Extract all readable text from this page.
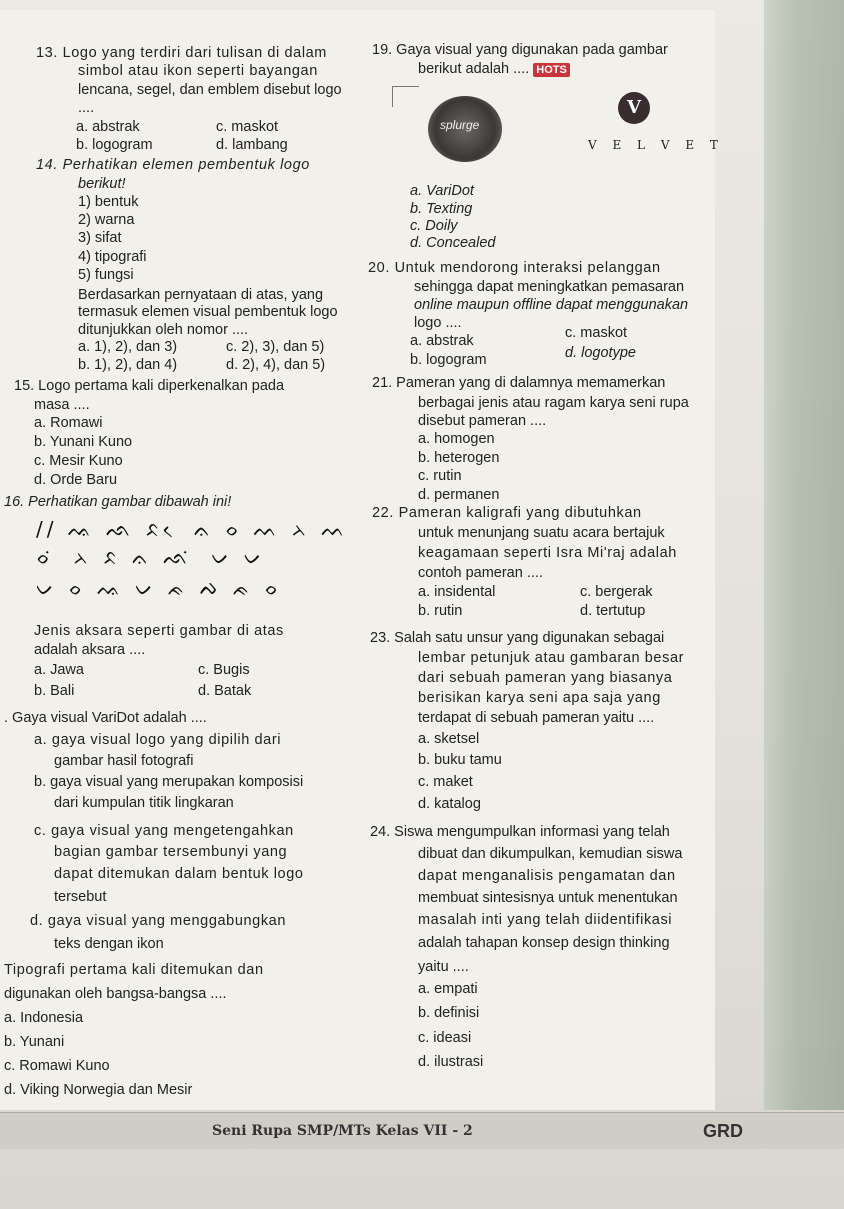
13. Logo yang terdiri dari tulisan di dalam
simbol atau ikon seperti bayangan
lencana, segel, dan emblem disebut logo
....
a. abstrak	c. maskot
b. logogram	d. lambang
14. Perhatikan elemen pembentuk logo
berikut!
1) bentuk
2) warna
3) sifat
4) tipografi
5) fungsi
Berdasarkan pernyataan di atas, yang
termasuk elemen visual pembentuk logo
ditunjukkan oleh nomor ....
a. 1), 2), dan 3)	c. 2), 3), dan 5)
b. 1), 2), dan 4)	d. 2), 4), dan 5)
15. Logo pertama kali diperkenalkan pada
masa ....
a. Romawi
b. Yunani Kuno
c. Mesir Kuno
d. Orde Baru
16. Perhatikan gambar dibawah ini!
// ᨕ ᨒ ᨅ ᨙ ᨊ ᨔ ᨓ ᨂ ᨓ
ᨔ ᨗ ᨂ ᨅ ᨊ ᨒ ᨗ ᨆ ᨆ
ᨆ ᨔ ᨕ ᨆ ᨃ ᨄ ᨃ ᨔ
Jenis aksara seperti gambar di atas
adalah aksara ....
a. Jawa	c. Bugis
b. Bali	d. Batak
. Gaya visual VariDot adalah ....
a. gaya visual logo yang dipilih dari
gambar hasil fotografi
b. gaya visual yang merupakan komposisi
dari kumpulan titik lingkaran
c. gaya visual yang mengetengahkan
bagian gambar tersembunyi yang
dapat ditemukan dalam bentuk logo
tersebut
d. gaya visual yang menggabungkan
teks dengan ikon
Tipografi pertama kali ditemukan dan
digunakan oleh bangsa-bangsa ....
a. Indonesia
b. Yunani
c. Romawi Kuno
d. Viking Norwegia dan Mesir
19. Gaya visual yang digunakan pada gambar
berikut adalah .... HOTS
splurge
V
V E L V E T
a. VariDot
b. Texting
c. Doily
d. Concealed
20. Untuk mendorong interaksi pelanggan
sehingga dapat meningkatkan pemasaran
online maupun offline dapat menggunakan
logo ....
a. abstrak	c. maskot
b. logogram	d. logotype
21. Pameran yang di dalamnya memamerkan
berbagai jenis atau ragam karya seni rupa
disebut pameran ....
a. homogen
b. heterogen
c. rutin
d. permanen
22. Pameran kaligrafi yang dibutuhkan
untuk menunjang suatu acara bertajuk
keagamaan seperti Isra Mi'raj adalah
contoh pameran ....
a. insidental	c. bergerak
b. rutin	d. tertutup
23. Salah satu unsur yang digunakan sebagai
lembar petunjuk atau gambaran besar
dari sebuah pameran yang biasanya
berisikan karya seni apa saja yang
terdapat di sebuah pameran yaitu ....
a. sketsel
b. buku tamu
c. maket
d. katalog
24. Siswa mengumpulkan informasi yang telah
dibuat dan dikumpulkan, kemudian siswa
dapat menganalisis pengamatan dan
membuat sintesisnya untuk menentukan
masalah inti yang telah diidentifikasi
adalah tahapan konsep design thinking
yaitu ....
a. empati
b. definisi
c. ideasi
d. ilustrasi
Seni Rupa SMP/MTs Kelas VII - 2	GRD
